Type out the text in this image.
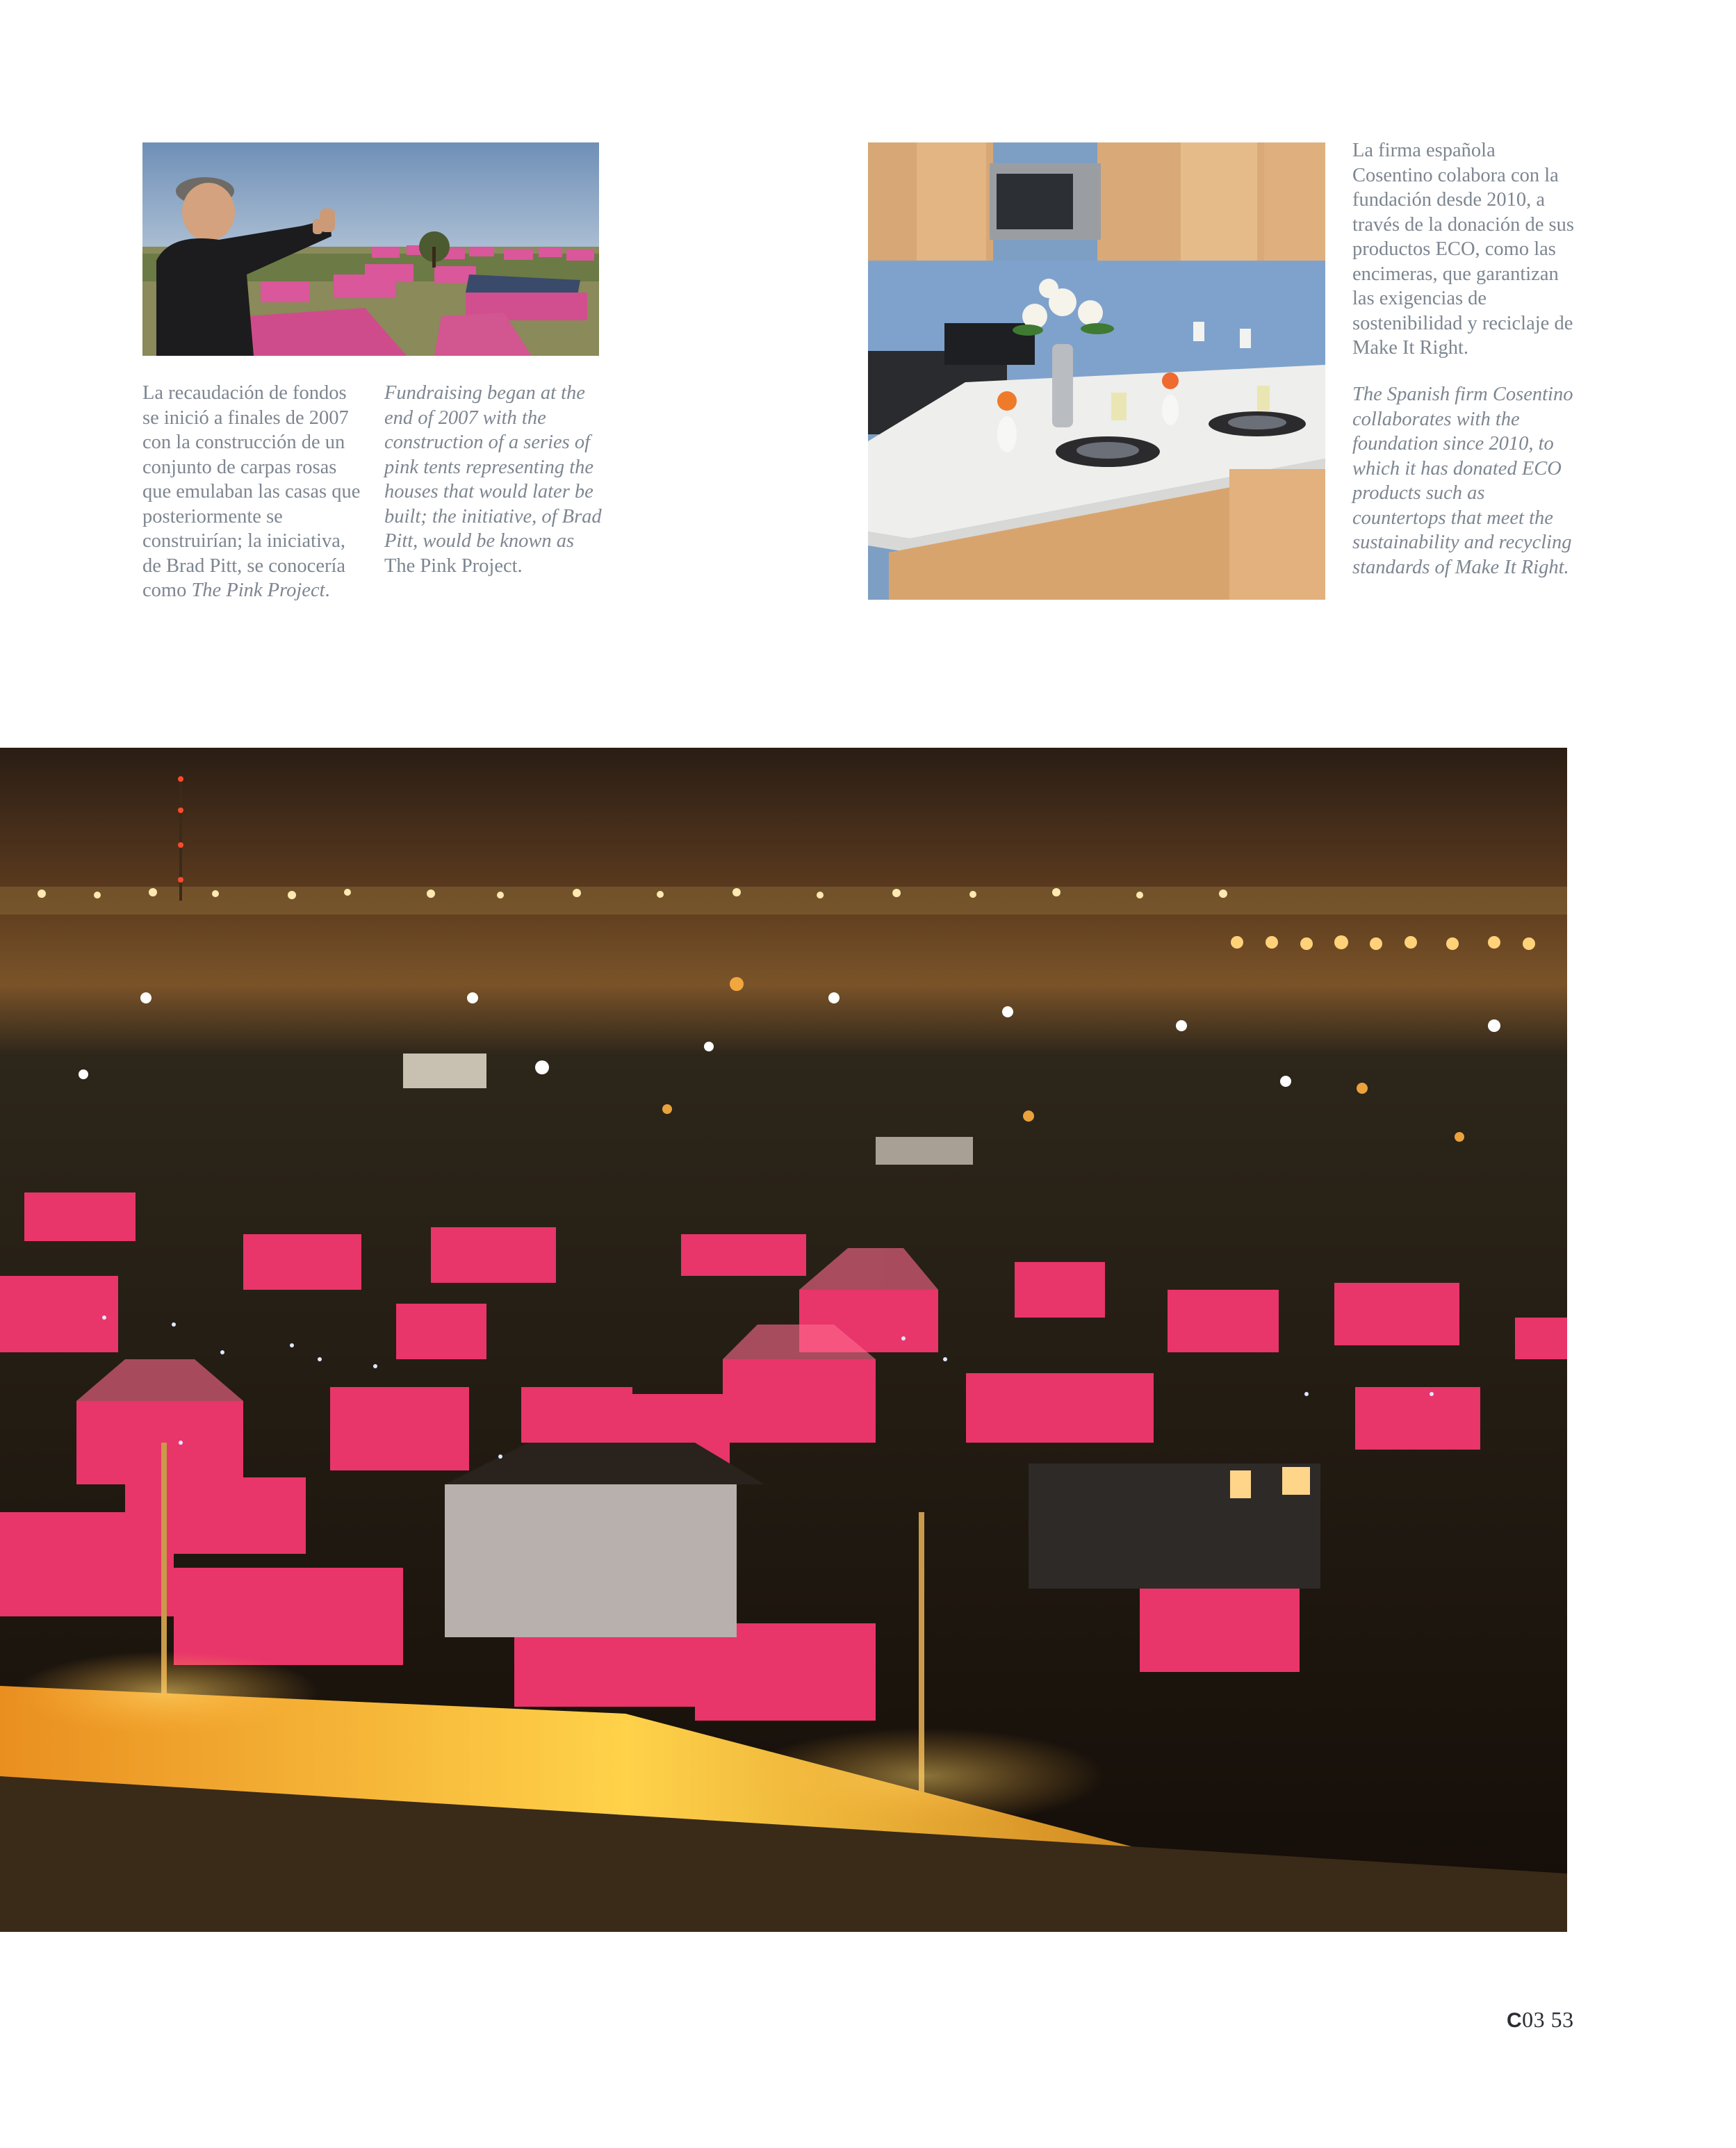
La recaudación de fondos se inició a finales de 2007 con la construcción de un conjunto de carpas rosas que emulaban las casas que posteriormente se construirían; la iniciativa, de Brad Pitt, se conocería como The Pink Project.

Fundraising began at the end of 2007 with the construction of a series of pink tents representing the houses that would later be built; the initiative, of Brad Pitt, would be known as The Pink Project.

La firma española Cosentino colabora con la fundación desde 2010, a través de la donación de sus productos ECO, como las encimeras, que garantizan las exigencias de sostenibilidad y reciclaje de Make It Right.

The Spanish firm Cosentino collaborates with the foundation since 2010, to which it has donated ECO products such as countertops that meet the sustainability and recycling standards of Make It Right.

C03 53
